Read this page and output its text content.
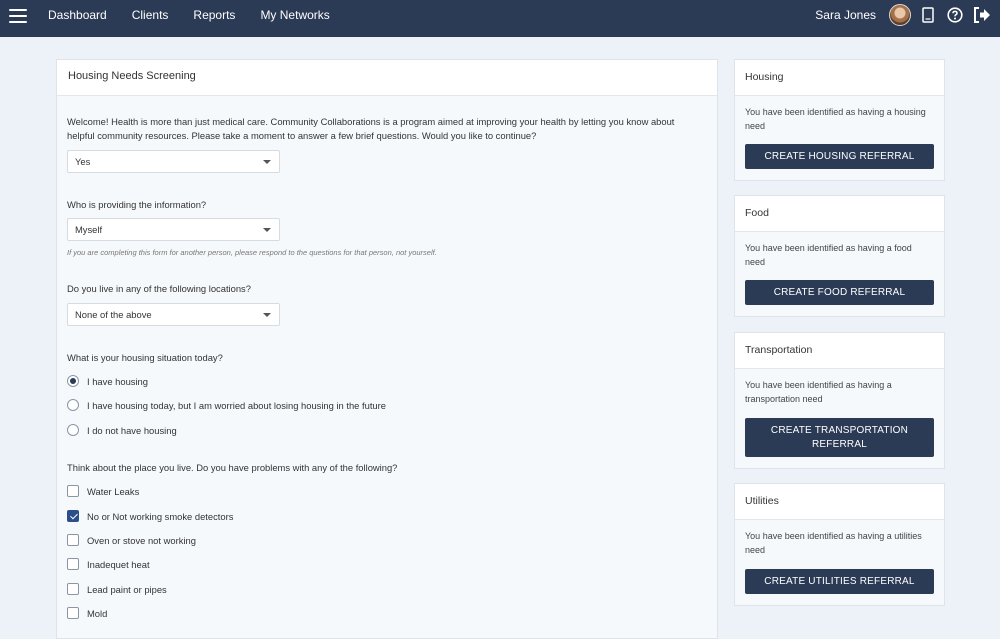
Dashboard Clients Reports My Networks	Sara Jones
Housing Needs Screening
Welcome! Health is more than just medical care. Community Collaborations is a program aimed at improving your health by letting you know about helpful community resources. Please take a moment to answer a few brief questions. Would you like to continue?
Yes
Who is providing the information?
Myself
If you are completing this form for another person, please respond to the questions for that person, not yourself.
Do you live in any of the following locations?
None of the above
What is your housing situation today?
I have housing
I have housing today, but I am worried about losing housing in the future
I do not have housing
Think about the place you live. Do you have problems with any of the following?
Water Leaks
No or Not working smoke detectors
Oven or stove not working
Inadequet heat
Lead paint or pipes
Mold
Housing
You have been identified as having a housing need
CREATE HOUSING REFERRAL
Food
You have been identified as having a food need
CREATE FOOD REFERRAL
Transportation
You have been identified as having a transportation need
CREATE TRANSPORTATION REFERRAL
Utilities
You have been identified as having a utilities need
CREATE UTILITIES REFERRAL
